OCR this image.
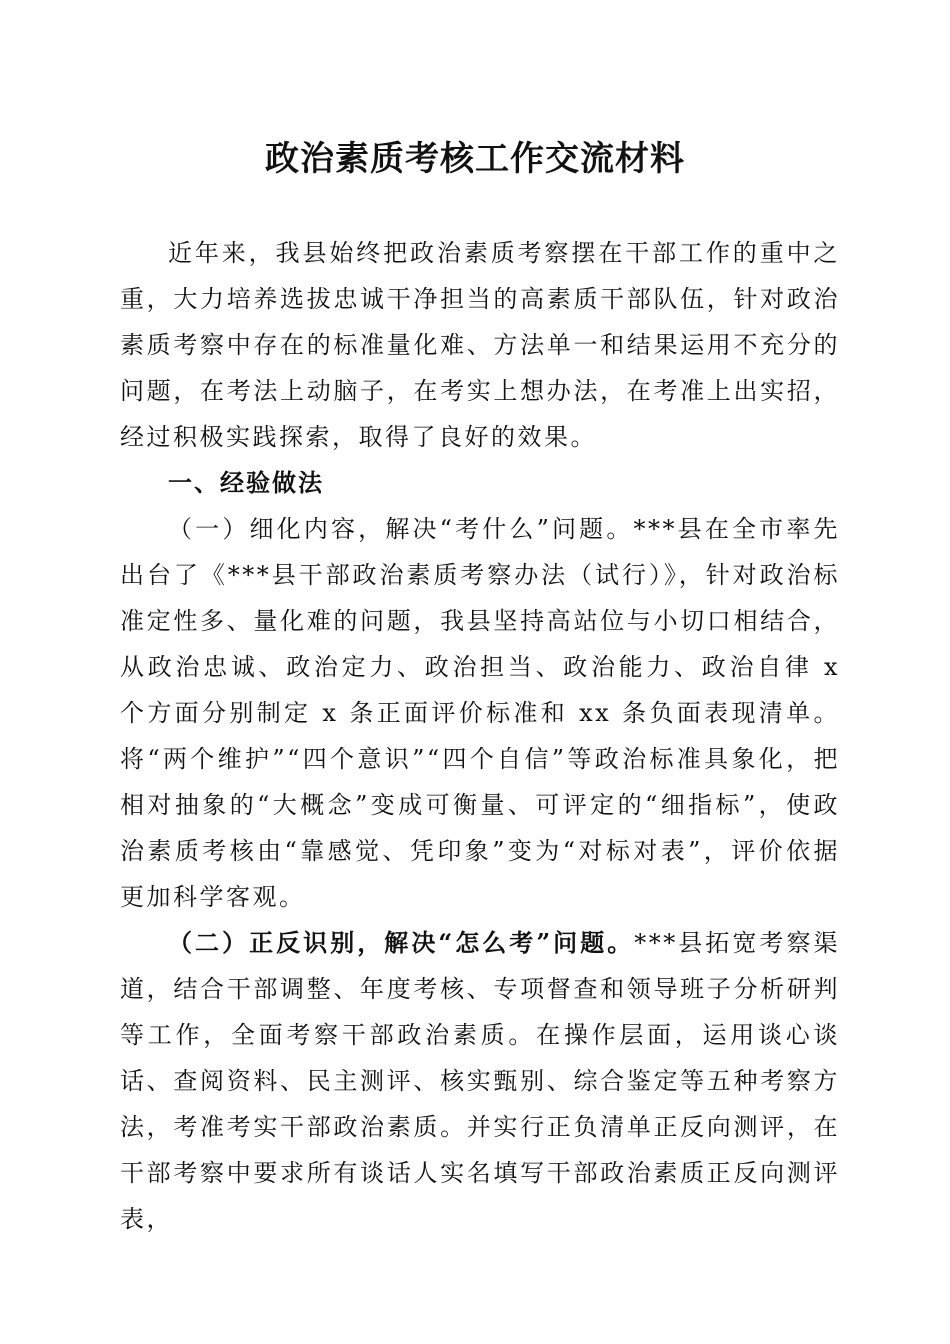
政治素质考核工作交流材料

近年来，我县始终把政治素质考察摆在干部工作的重中之重，大力培养选拔忠诚干净担当的高素质干部队伍，针对政治素质考察中存在的标准量化难、方法单一和结果运用不充分的问题，在考法上动脑子，在考实上想办法，在考准上出实招，经过积极实践探索，取得了良好的效果。

一、经验做法

（一）细化内容，解决“考什么”问题。***县在全市率先出台了《***县干部政治素质考察办法（试行）》，针对政治标准定性多、量化难的问题，我县坚持高站位与小切口相结合，从政治忠诚、政治定力、政治担当、政治能力、政治自律 x 个方面分别制定 x 条正面评价标准和 xx 条负面表现清单。将“两个维护”“四个意识”“四个自信”等政治标准具象化，把相对抽象的“大概念”变成可衡量、可评定的“细指标”，使政治素质考核由“靠感觉、凭印象”变为“对标对表”，评价依据更加科学客观。

（二）正反识别，解决“怎么考”问题。***县拓宽考察渠道，结合干部调整、年度考核、专项督查和领导班子分析研判等工作，全面考察干部政治素质。在操作层面，运用谈心谈话、查阅资料、民主测评、核实甄别、综合鉴定等五种考察方法，考准考实干部政治素质。并实行正负清单正反向测评，在干部考察中要求所有谈话人实名填写干部政治素质正反向测评表，
